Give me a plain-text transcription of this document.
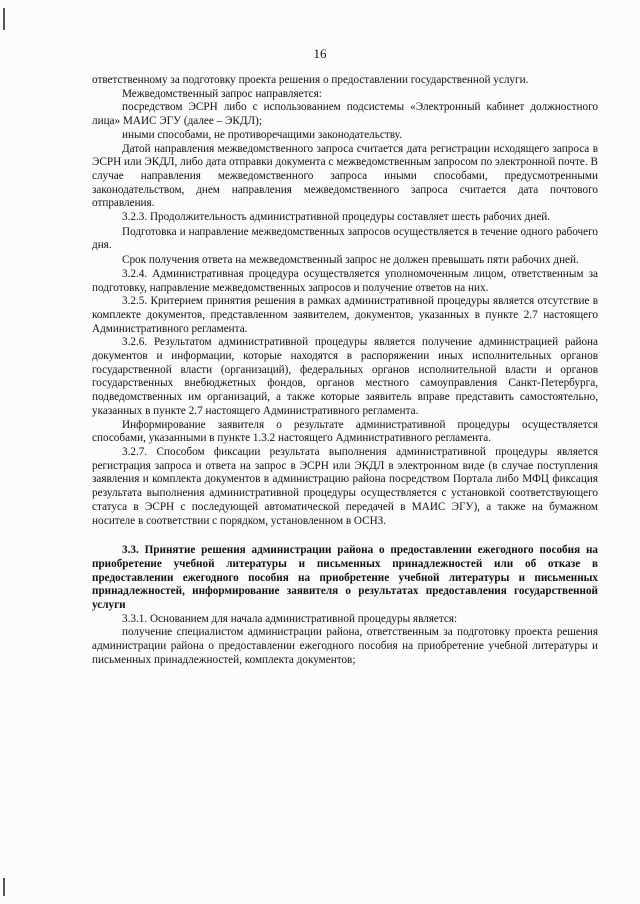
16

ответственному за подготовку проекта решения о предоставлении государственной услуги.

Межведомственный запрос направляется:

посредством ЭСРН либо с использованием подсистемы «Электронный кабинет должностного лица» МАИС ЭГУ (далее – ЭКДЛ);

иными способами, не противоречащими законодательству.

Датой направления межведомственного запроса считается дата регистрации исходящего запроса в ЭСРН или ЭКДЛ, либо дата отправки документа с межведомственным запросом по электронной почте. В случае направления межведомственного запроса иными способами, предусмотренными законодательством, днем направления межведомственного запроса считается дата почтового отправления.

3.2.3. Продолжительность административной процедуры составляет шесть рабочих дней.

Подготовка и направление межведомственных запросов осуществляется в течение одного рабочего дня.

Срок получения ответа на межведомственный запрос не должен превышать пяти рабочих дней.

3.2.4. Административная процедура осуществляется уполномоченным лицом, ответственным за подготовку, направление межведомственных запросов и получение ответов на них.

3.2.5. Критерием принятия решения в рамках административной процедуры является отсутствие в комплекте документов, представленном заявителем, документов, указанных в пункте 2.7 настоящего Административного регламента.

3.2.6. Результатом административной процедуры является получение администрацией района документов и информации, которые находятся в распоряжении иных исполнительных органов государственной власти (организаций), федеральных органов исполнительной власти и органов государственных внебюджетных фондов, органов местного самоуправления Санкт-Петербурга, подведомственных им организаций, а также которые заявитель вправе представить самостоятельно, указанных в пункте 2.7 настоящего Административного регламента.

Информирование заявителя о результате административной процедуры осуществляется способами, указанными в пункте 1.3.2 настоящего Административного регламента.

3.2.7. Способом фиксации результата выполнения административной процедуры является регистрация запроса и ответа на запрос в ЭСРН или ЭКДЛ в электронном виде (в случае поступления заявления и комплекта документов в администрацию района посредством Портала либо МФЦ фиксация результата выполнения административной процедуры осуществляется с установкой соответствующего статуса в ЭСРН с последующей автоматической передачей в МАИС ЭГУ), а также на бумажном носителе в соответствии с порядком, установленном в ОСНЗ.

3.3. Принятие решения администрации района о предоставлении ежегодного пособия на приобретение учебной литературы и письменных принадлежностей или об отказе в предоставлении ежегодного пособия на приобретение учебной литературы и письменных принадлежностей, информирование заявителя о результатах предоставления государственной услуги

3.3.1. Основанием для начала административной процедуры является:

получение специалистом администрации района, ответственным за подготовку проекта решения администрации района о предоставлении ежегодного пособия на приобретение учебной литературы и письменных принадлежностей, комплекта документов;
